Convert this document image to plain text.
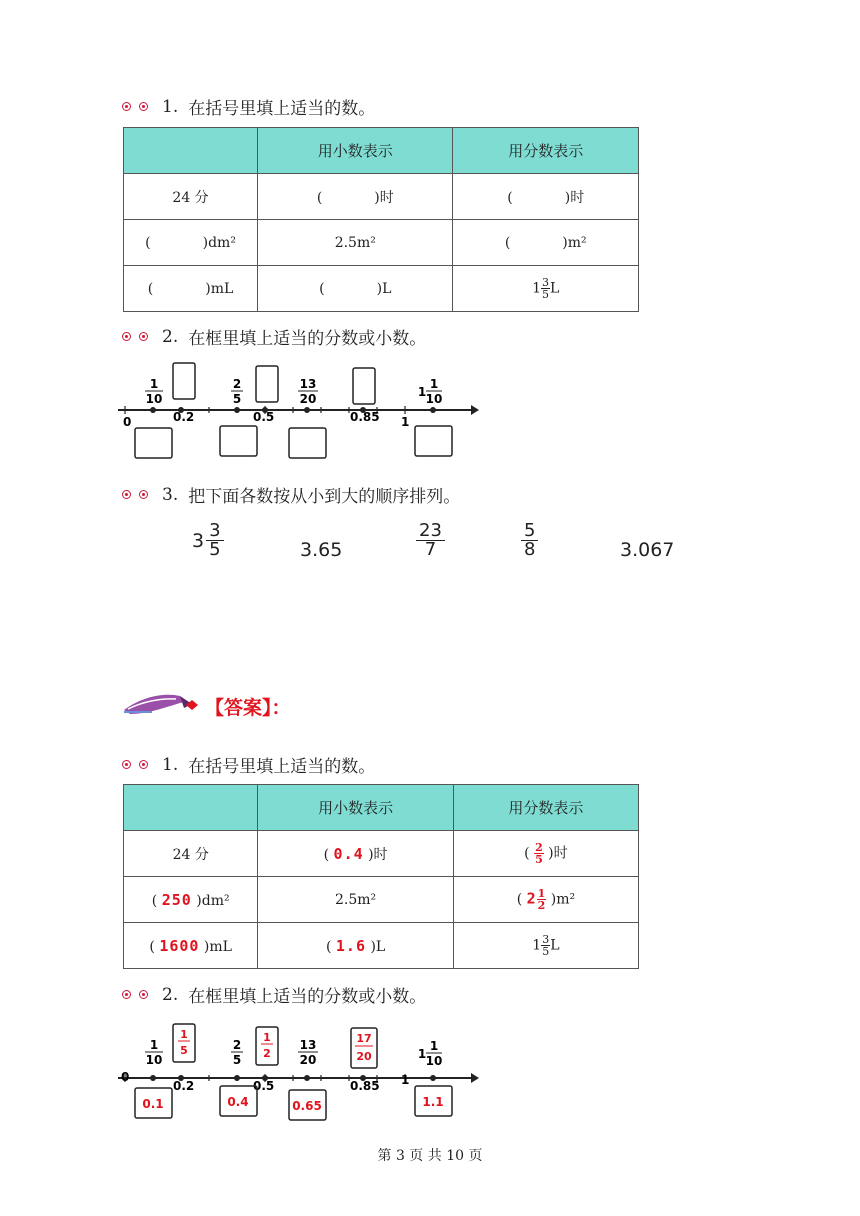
1. 在括号里填上适当的数。
	用小数表示	用分数表示
24 分	( )时	( )时
( )dm²	2.5m²	( )m²
( )mL	( )L	$1 \frac{3}{5}$ L
2. 在框里填上适当的分数或小数。
0	0.2	0.5	0.85 1
1
10
2
5
13
20	1
1
10
3. 把下面各数按从小到大的顺序排列。
$3 \frac{3}{5}$	3.65	$\frac{23}{7}$	$\frac{5}{8}$	3.067
【答案】：
1. 在括号里填上适当的数。
	用小数表示	用分数表示
24 分	( 0.4 )时	( $\frac{2}{5}$ )时
( 250 )dm²	2.5m²	( $2 \frac{1}{2} )m^2$
( 1600 )mL	( 1.6 )L	$1 \frac{3}{5}$ L
2. 在框里填上适当的分数或小数。
0
0.2	0.5	0.85 1
1
10
2
5
13
20	1
1
10
1
5
1
2
17
20
0.1	0.4	0.65	1.1
第 3 页 共 10 页
